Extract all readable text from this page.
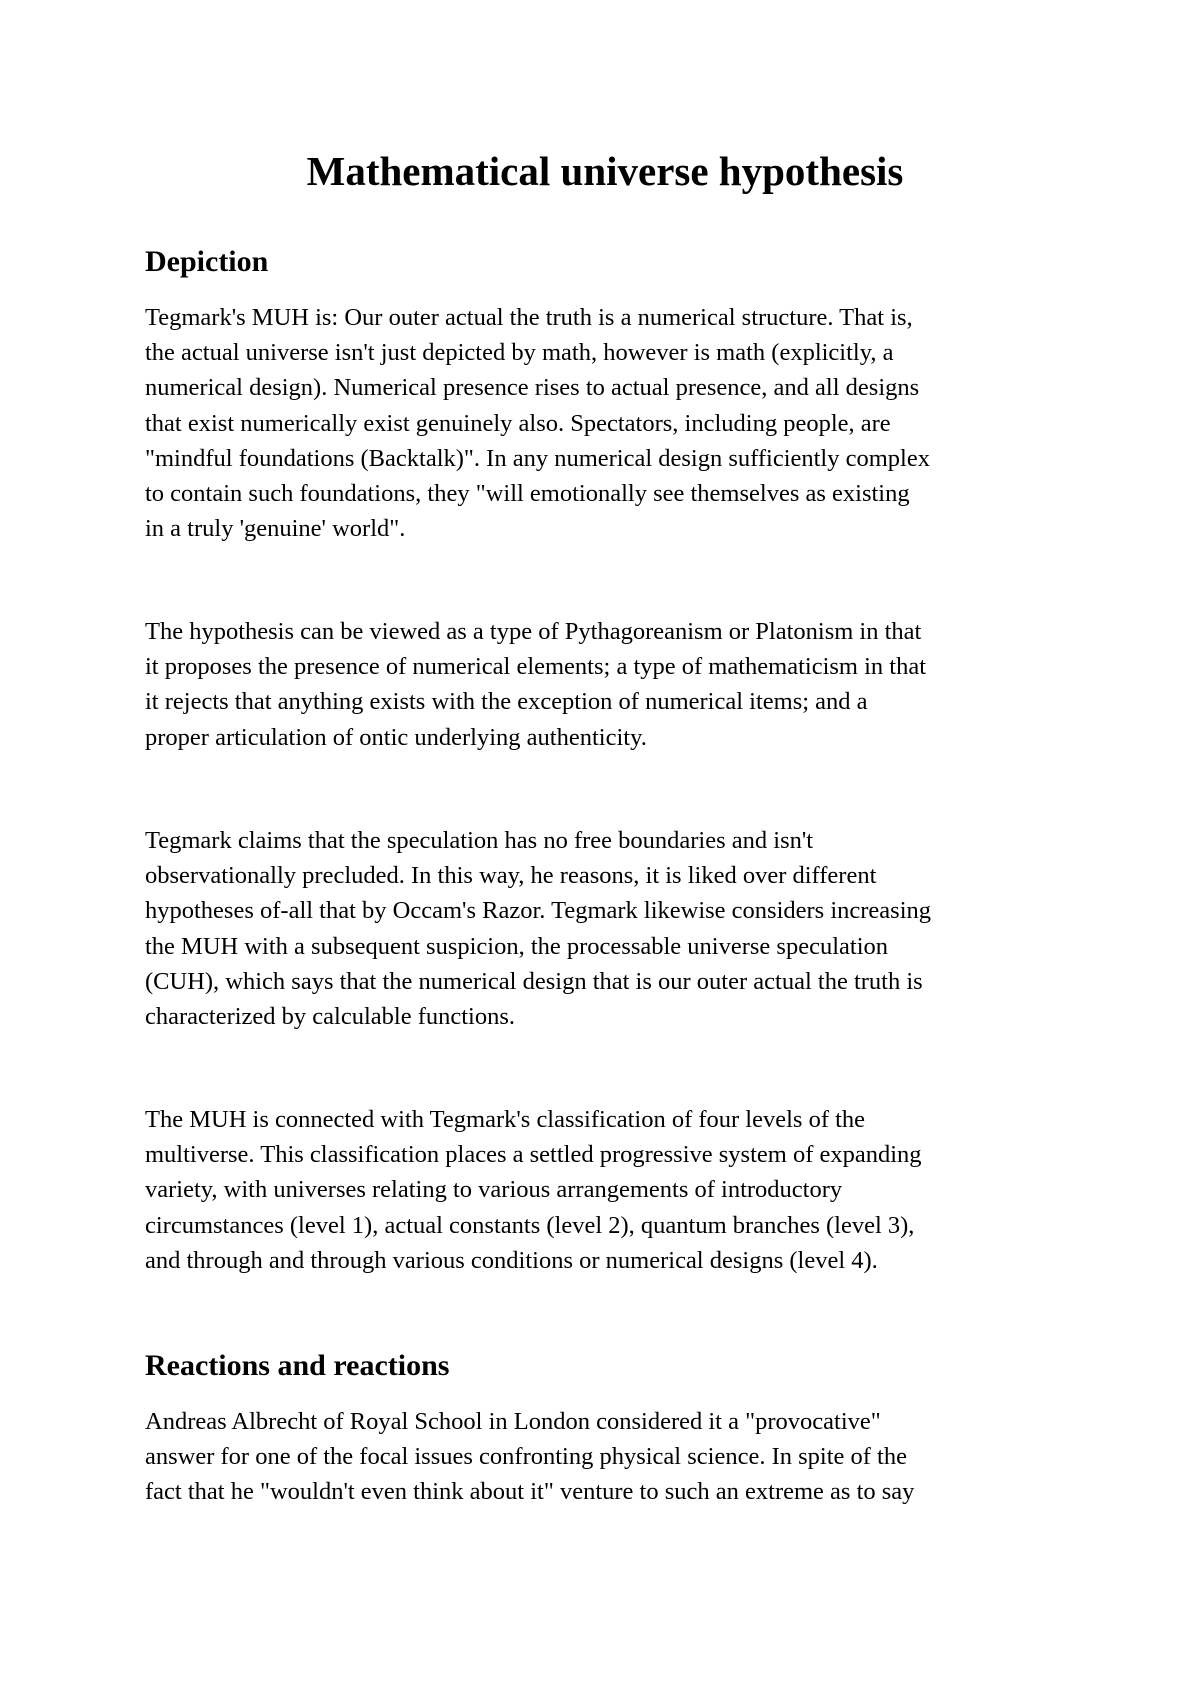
Mathematical universe hypothesis
Depiction
Tegmark's MUH is: Our outer actual the truth is a numerical structure. That is,
the actual universe isn't just depicted by math, however is math (explicitly, a
numerical design). Numerical presence rises to actual presence, and all designs
that exist numerically exist genuinely also. Spectators, including people, are
"mindful foundations (Backtalk)". In any numerical design sufficiently complex
to contain such foundations, they "will emotionally see themselves as existing
in a truly 'genuine' world".
The hypothesis can be viewed as a type of Pythagoreanism or Platonism in that
it proposes the presence of numerical elements; a type of mathematicism in that
it rejects that anything exists with the exception of numerical items; and a
proper articulation of ontic underlying authenticity.
Tegmark claims that the speculation has no free boundaries and isn't
observationally precluded. In this way, he reasons, it is liked over different
hypotheses of-all that by Occam's Razor. Tegmark likewise considers increasing
the MUH with a subsequent suspicion, the processable universe speculation
(CUH), which says that the numerical design that is our outer actual the truth is
characterized by calculable functions.
The MUH is connected with Tegmark's classification of four levels of the
multiverse. This classification places a settled progressive system of expanding
variety, with universes relating to various arrangements of introductory
circumstances (level 1), actual constants (level 2), quantum branches (level 3),
and through and through various conditions or numerical designs (level 4).
Reactions and reactions
Andreas Albrecht of Royal School in London considered it a "provocative"
answer for one of the focal issues confronting physical science. In spite of the
fact that he "wouldn't even think about it" venture to such an extreme as to say
